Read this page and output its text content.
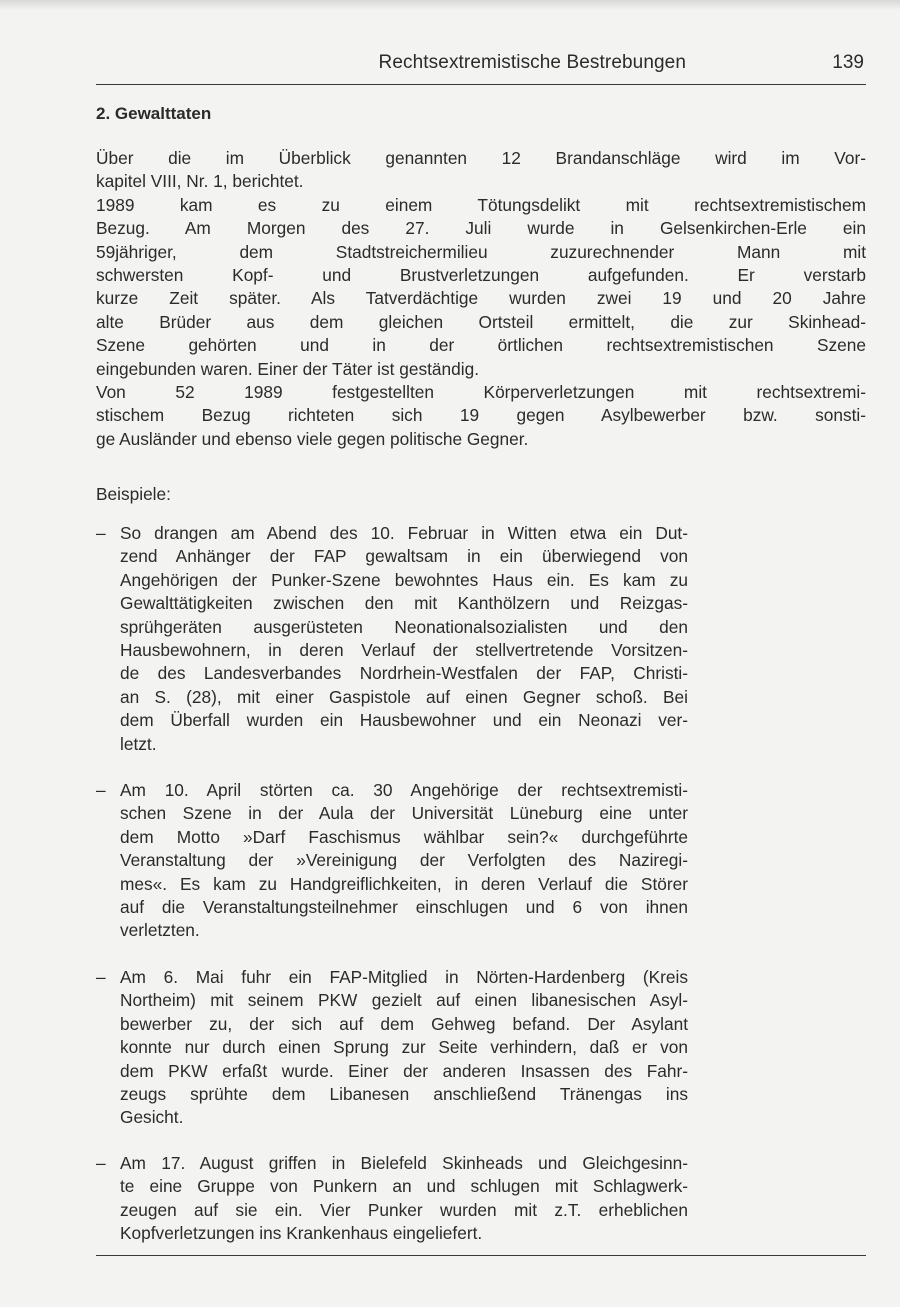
Rechtsextremistische Bestrebungen	139
2. Gewalttaten
Über die im Überblick genannten 12 Brandanschläge wird im Vor-
kapitel VIII, Nr. 1, berichtet.
1989 kam es zu einem Tötungsdelikt mit rechtsextremistischem
Bezug. Am Morgen des 27. Juli wurde in Gelsenkirchen-Erle ein
59jähriger, dem Stadtstreichermilieu zuzurechnender Mann mit
schwersten Kopf- und Brustverletzungen aufgefunden. Er verstarb
kurze Zeit später. Als Tatverdächtige wurden zwei 19 und 20 Jahre
alte Brüder aus dem gleichen Ortsteil ermittelt, die zur Skinhead-
Szene gehörten und in der örtlichen rechtsextremistischen Szene
eingebunden waren. Einer der Täter ist geständig.
Von 52 1989 festgestellten Körperverletzungen mit rechtsextremi-
stischem Bezug richteten sich 19 gegen Asylbewerber bzw. sonsti-
ge Ausländer und ebenso viele gegen politische Gegner.
Beispiele:
– So drangen am Abend des 10. Februar in Witten etwa ein Dut-
zend Anhänger der FAP gewaltsam in ein überwiegend von
Angehörigen der Punker-Szene bewohntes Haus ein. Es kam zu
Gewalttätigkeiten zwischen den mit Kanthölzern und Reizgas-
sprühgeräten ausgerüsteten Neonationalsozialisten und den
Hausbewohnern, in deren Verlauf der stellvertretende Vorsitzen-
de des Landesverbandes Nordrhein-Westfalen der FAP, Christi-
an S. (28), mit einer Gaspistole auf einen Gegner schoß. Bei
dem Überfall wurden ein Hausbewohner und ein Neonazi ver-
letzt.
– Am 10. April störten ca. 30 Angehörige der rechtsextremisti-
schen Szene in der Aula der Universität Lüneburg eine unter
dem Motto »Darf Faschismus wählbar sein?« durchgeführte
Veranstaltung der »Vereinigung der Verfolgten des Naziregi-
mes«. Es kam zu Handgreiflichkeiten, in deren Verlauf die Störer
auf die Veranstaltungsteilnehmer einschlugen und 6 von ihnen
verletzten.
– Am 6. Mai fuhr ein FAP-Mitglied in Nörten-Hardenberg (Kreis
Northeim) mit seinem PKW gezielt auf einen libanesischen Asyl-
bewerber zu, der sich auf dem Gehweg befand. Der Asylant
konnte nur durch einen Sprung zur Seite verhindern, daß er von
dem PKW erfaßt wurde. Einer der anderen Insassen des Fahr-
zeugs sprühte dem Libanesen anschließend Tränengas ins
Gesicht.
– Am 17. August griffen in Bielefeld Skinheads und Gleichgesinn-
te eine Gruppe von Punkern an und schlugen mit Schlagwerk-
zeugen auf sie ein. Vier Punker wurden mit z.T. erheblichen
Kopfverletzungen ins Krankenhaus eingeliefert.
